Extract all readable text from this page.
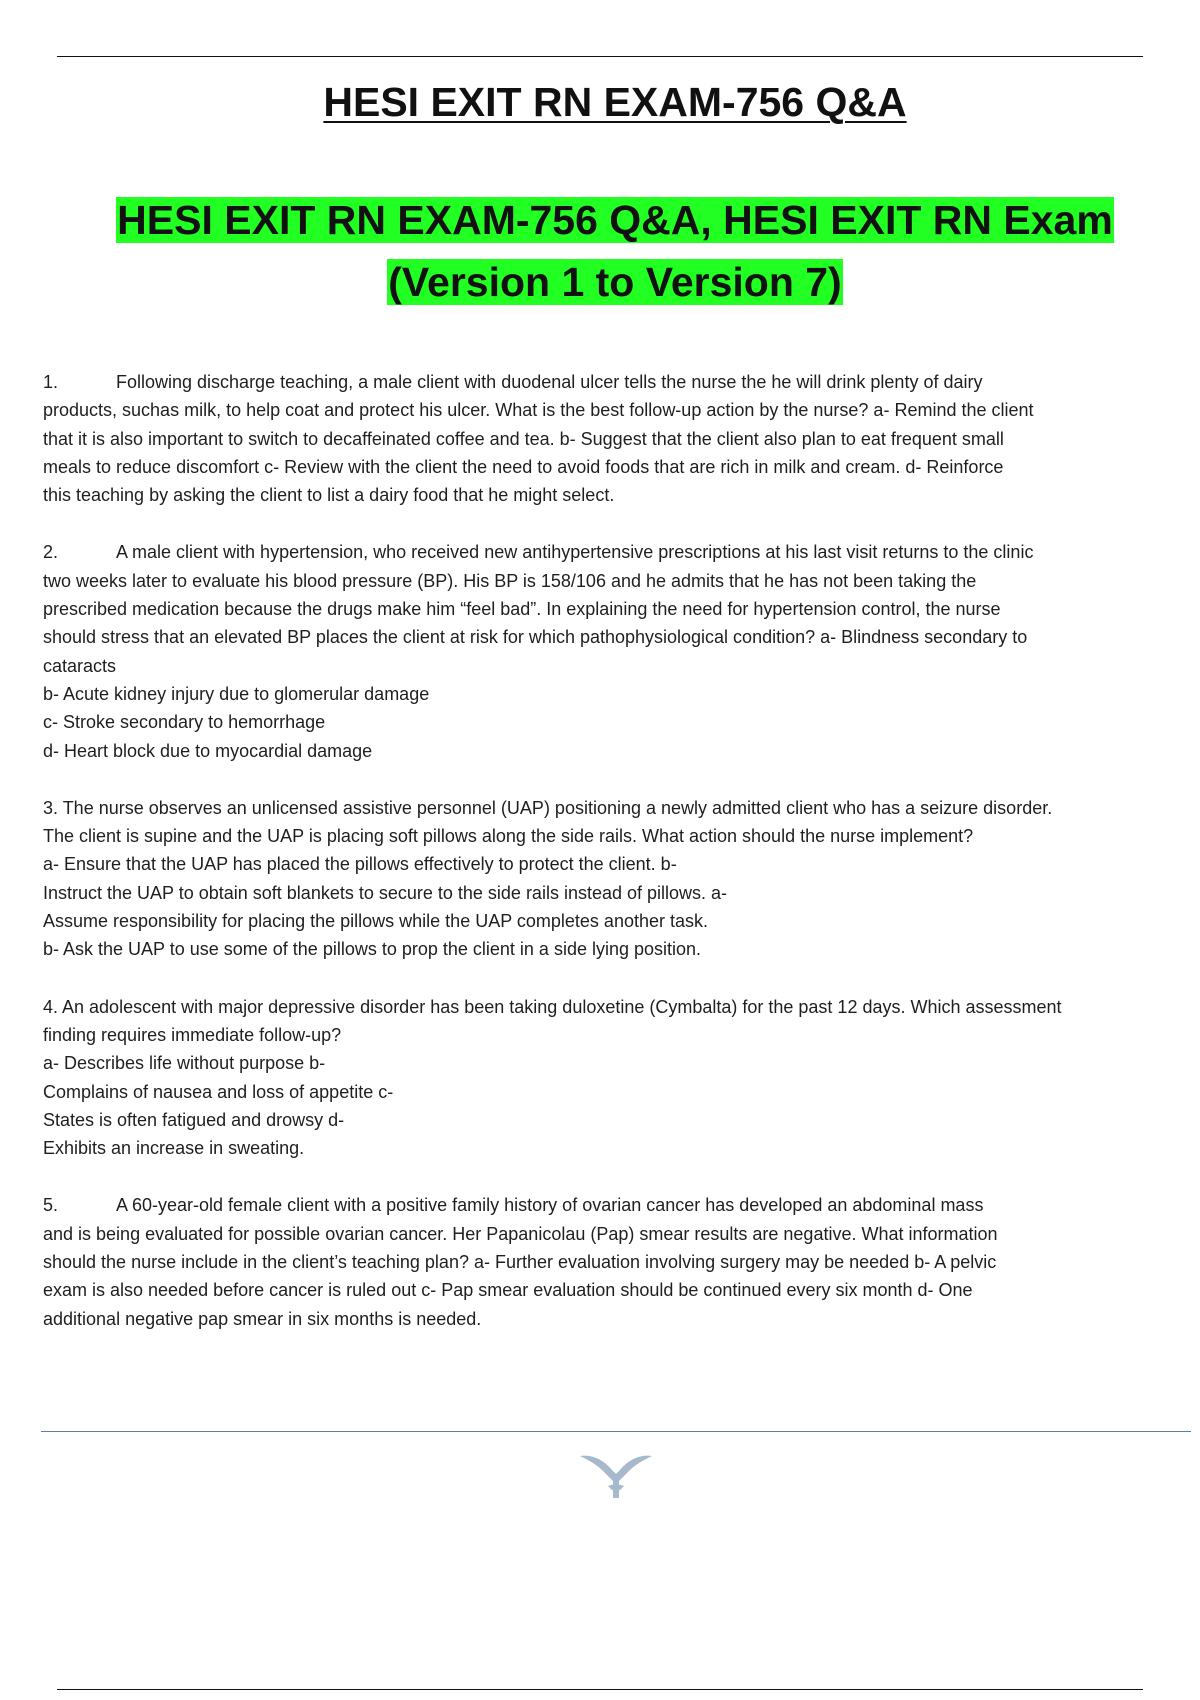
HESI EXIT RN EXAM-756 Q&A
HESI EXIT RN EXAM-756 Q&A, HESI EXIT RN Exam
(Version 1 to Version 7)
1.	Following discharge teaching, a male client with duodenal ulcer tells the nurse the he will drink plenty of dairy
products, suchas milk, to help coat and protect his ulcer. What is the best follow-up action by the nurse? a- Remind the client
that it is also important to switch to decaffeinated coffee and tea. b- Suggest that the client also plan to eat frequent small
meals to reduce discomfort c- Review with the client the need to avoid foods that are rich in milk and cream. d- Reinforce
this teaching by asking the client to list a dairy food that he might select.
2.	A male client with hypertension, who received new antihypertensive prescriptions at his last visit returns to the clinic
two weeks later to evaluate his blood pressure (BP). His BP is 158/106 and he admits that he has not been taking the
prescribed medication because the drugs make him “feel bad”. In explaining the need for hypertension control, the nurse
should stress that an elevated BP places the client at risk for which pathophysiological condition? a- Blindness secondary to
cataracts
b- Acute kidney injury due to glomerular damage
c- Stroke secondary to hemorrhage
d- Heart block due to myocardial damage
3. The nurse observes an unlicensed assistive personnel (UAP) positioning a newly admitted client who has a seizure disorder.
The client is supine and the UAP is placing soft pillows along the side rails. What action should the nurse implement?
a- Ensure that the UAP has placed the pillows effectively to protect the client. b-
Instruct the UAP to obtain soft blankets to secure to the side rails instead of pillows. a-
Assume responsibility for placing the pillows while the UAP completes another task.
b- Ask the UAP to use some of the pillows to prop the client in a side lying position.
4. An adolescent with major depressive disorder has been taking duloxetine (Cymbalta) for the past 12 days. Which assessment
finding requires immediate follow-up?
a- Describes life without purpose b-
Complains of nausea and loss of appetite c-
States is often fatigued and drowsy d-
Exhibits an increase in sweating.
5.	A 60-year-old female client with a positive family history of ovarian cancer has developed an abdominal mass
and is being evaluated for possible ovarian cancer. Her Papanicolau (Pap) smear results are negative. What information
should the nurse include in the client’s teaching plan? a- Further evaluation involving surgery may be needed b- A pelvic
exam is also needed before cancer is ruled out c- Pap smear evaluation should be continued every six month d- One
additional negative pap smear in six months is needed.
